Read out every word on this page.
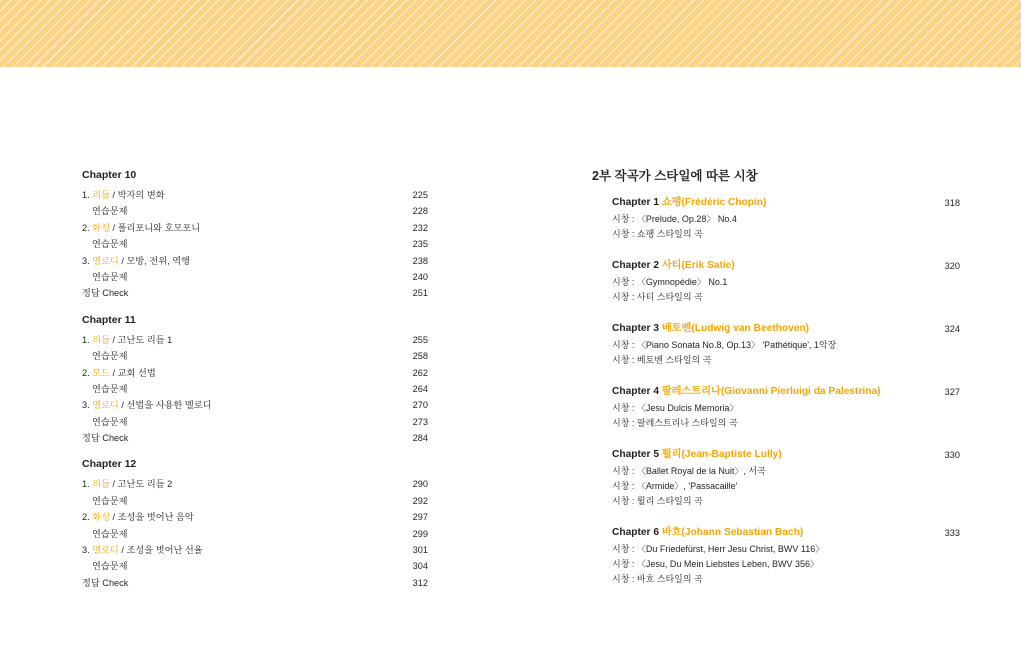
Chapter 10
1. 리듬 / 박자의 변화	225
연습문제	228
2. 화성 / 폴리포니와 호모포니	232
연습문제	235
3. 멜로디 / 모방, 전위, 역행	238
연습문제	240
정답 Check	251
Chapter 11
1. 리듬 / 고난도 리듬 1	255
연습문제	258
2. 모드 / 교회 선법	262
연습문제	264
3. 멜로디 / 선법을 사용한 멜로디	270
연습문제	273
정답 Check	284
Chapter 12
1. 리듬 / 고난도 리듬 2	290
연습문제	292
2. 화성 / 조성을 벗어난 음악	297
연습문제	299
3. 멜로디 / 조성을 벗어난 선율	301
연습문제	304
정답 Check	312
2부 작곡가 스타일에 따른 시창
Chapter 1 쇼팽(Frédéric Chopin)	318
시창 : 〈Prelude, Op.28〉 No.4
시창 : 쇼팽 스타일의 곡
Chapter 2 사티(Erik Satie)	320
시창 : 〈Gymnopédie〉 No.1
시창 : 사티 스타일의 곡
Chapter 3 베토벤(Ludwig van Beethoven)	324
시창 : 〈Piano Sonata No.8, Op.13〉 'Pathétique', 1악장
시창 : 베토벤 스타일의 곡
Chapter 4 팔레스트리나(Giovanni Pierluigi da Palestrina)	327
시창 : 〈Jesu Dulcis Memoria〉
시창 : 팔레스트리나 스타일의 곡
Chapter 5 륄리(Jean-Baptiste Lully)	330
시창 : 〈Ballet Royal de la Nuit〉, 서곡
시창 : 〈Armide〉, 'Passacaille'
시창 : 륄리 스타일의 곡
Chapter 6 바흐(Johann Sebastian Bach)	333
시창 : 〈Du Friedefürst, Herr Jesu Christ, BWV 116〉
시창 : 〈Jesu, Du Mein Liebstes Leben, BWV 356〉
시창 : 바흐 스타일의 곡
